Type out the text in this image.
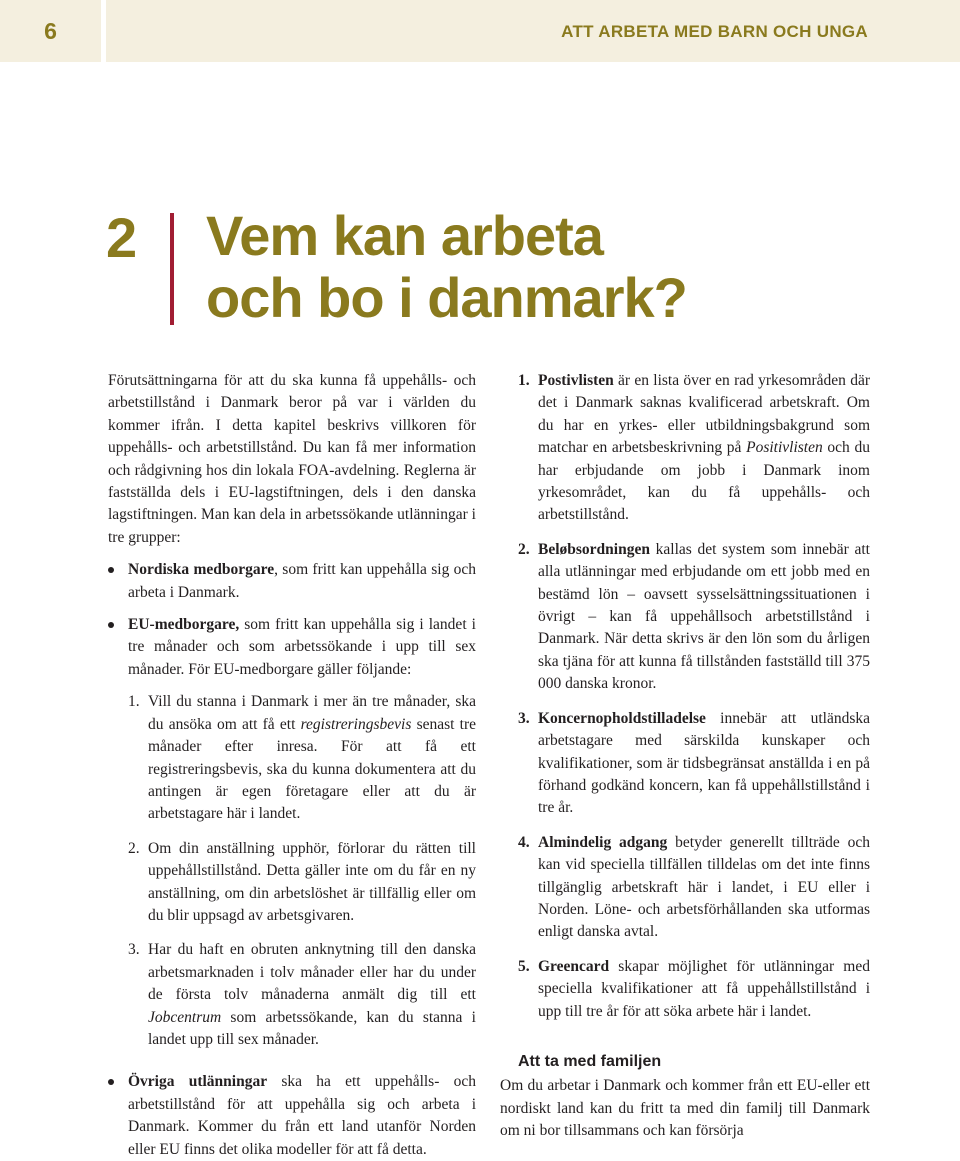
6	ATT ARBETA MED BARN OCH UNGA
2 Vem kan arbeta
och bo i danmark?

Förutsättningarna för att du ska kunna få uppehålls- och arbetstillstånd i Danmark beror på var i världen du kommer ifrån. I detta kapitel beskrivs villkoren för uppehålls- och arbetstillstånd. Du kan få mer information och rådgivning hos din lokala FOA-avdelning. Reglerna är fastställda dels i EU-lagstiftningen, dels i den danska lagstiftningen. Man kan dela in arbetssökande utlänningar i tre grupper:

Nordiska medborgare, som fritt kan uppehålla sig och arbeta i Danmark.
EU-medborgare, som fritt kan uppehålla sig i landet i tre månader och som arbetssökande i upp till sex månader. För EU-medborgare gäller följande:
1. Vill du stanna i Danmark i mer än tre månader, ska du ansöka om att få ett registreringsbevis senast tre månader efter inresa. För att få ett registreringsbevis, ska du kunna dokumentera att du antingen är egen företagare eller att du är arbetstagare här i landet.
2. Om din anställning upphör, förlorar du rätten till uppehållstillstånd. Detta gäller inte om du får en ny anställning, om din arbetslöshet är tillfällig eller om du blir uppsagd av arbetsgivaren.
3. Har du haft en obruten anknytning till den danska arbetsmarknaden i tolv månader eller har du under de första tolv månaderna anmält dig till ett Jobcentrum som arbetssökande, kan du stanna i landet upp till sex månader.
Övriga utlänningar ska ha ett uppehålls- och arbetstillstånd för att uppehålla sig och arbeta i Danmark. Kommer du från ett land utanför Norden eller EU finns det olika modeller för att få detta.
1. Postivlisten är en lista över en rad yrkesområden där det i Danmark saknas kvalificerad arbetskraft. Om du har en yrkes- eller utbildningsbakgrund som matchar en arbetsbeskrivning på Positivlisten och du har erbjudande om jobb i Danmark inom yrkesområdet, kan du få uppehålls- och arbetstillstånd.
2. Beløbsordningen kallas det system som innebär att alla utlänningar med erbjudande om ett jobb med en bestämd lön – oavsett sysselsättningssituationen i övrigt – kan få uppehållsoch arbetstillstånd i Danmark. När detta skrivs är den lön som du årligen ska tjäna för att kunna få tillstånden fastställd till 375 000 danska kronor.
3. Koncernopholdstilladelse innebär att utländska arbetstagare med särskilda kunskaper och kvalifikationer, som är tidsbegränsat anställda i en på förhand godkänd koncern, kan få uppehållstillstånd i tre år.
4. Almindelig adgang betyder generellt tillträde och kan vid speciella tillfällen tilldelas om det inte finns tillgänglig arbetskraft här i landet, i EU eller i Norden. Löne- och arbetsförhållanden ska utformas enligt danska avtal.
5. Greencard skapar möjlighet för utlänningar med speciella kvalifikationer att få uppehållstillstånd i upp till tre år för att söka arbete här i landet.
Att ta med familjen

Om du arbetar i Danmark och kommer från ett EU-eller ett nordiskt land kan du fritt ta med din familj till Danmark om ni bor tillsammans och kan försörja
